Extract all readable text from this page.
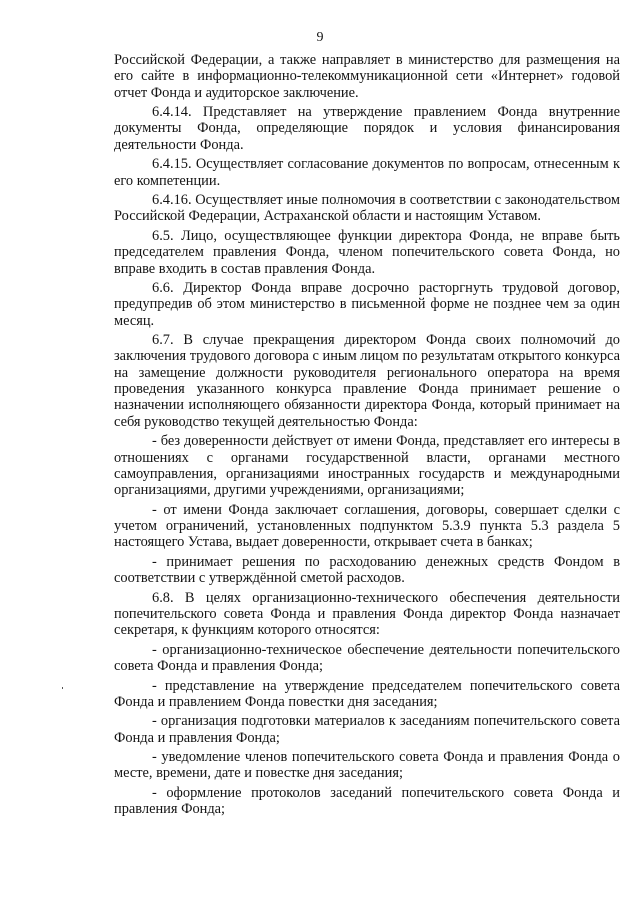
9

Российской Федерации, а также направляет в министерство для размещения на его сайте в информационно-телекоммуникационной сети «Интернет» годовой отчет Фонда и аудиторское заключение.

6.4.14. Представляет на утверждение правлением Фонда внутренние документы Фонда, определяющие порядок и условия финансирования деятельности Фонда.

6.4.15. Осуществляет согласование документов по вопросам, отнесенным к его компетенции.

6.4.16. Осуществляет иные полномочия в соответствии с законодательством Российской Федерации, Астраханской области и настоящим Уставом.

6.5. Лицо, осуществляющее функции директора Фонда, не вправе быть председателем правления Фонда, членом попечительского совета Фонда, но вправе входить в состав правления Фонда.

6.6. Директор Фонда вправе досрочно расторгнуть трудовой договор, предупредив об этом министерство в письменной форме не позднее чем за один месяц.

6.7. В случае прекращения директором Фонда своих полномочий до заключения трудового договора с иным лицом по результатам открытого конкурса на замещение должности руководителя регионального оператора на время проведения указанного конкурса правление Фонда принимает решение о назначении исполняющего обязанности директора Фонда, который принимает на себя руководство текущей деятельностью Фонда:

- без доверенности действует от имени Фонда, представляет его интересы в отношениях с органами государственной власти, органами местного самоуправления, организациями иностранных государств и международными организациями, другими учреждениями, организациями;

- от имени Фонда заключает соглашения, договоры, совершает сделки с учетом ограничений, установленных подпунктом 5.3.9 пункта 5.3 раздела 5 настоящего Устава, выдает доверенности, открывает счета в банках;

- принимает решения по расходованию денежных средств Фондом в соответствии с утверждённой сметой расходов.

6.8. В целях организационно-технического обеспечения деятельности попечительского совета Фонда и правления Фонда директор Фонда назначает секретаря, к функциям которого относятся:

- организационно-техническое обеспечение деятельности попечительского совета Фонда и правления Фонда;

- представление на утверждение председателем попечительского совета Фонда и правлением Фонда повестки дня заседания;

- организация подготовки материалов к заседаниям попечительского совета Фонда и правления Фонда;

- уведомление членов попечительского совета Фонда и правления Фонда о месте, времени, дате и повестке дня заседания;

- оформление протоколов заседаний попечительского совета Фонда и правления Фонда;
